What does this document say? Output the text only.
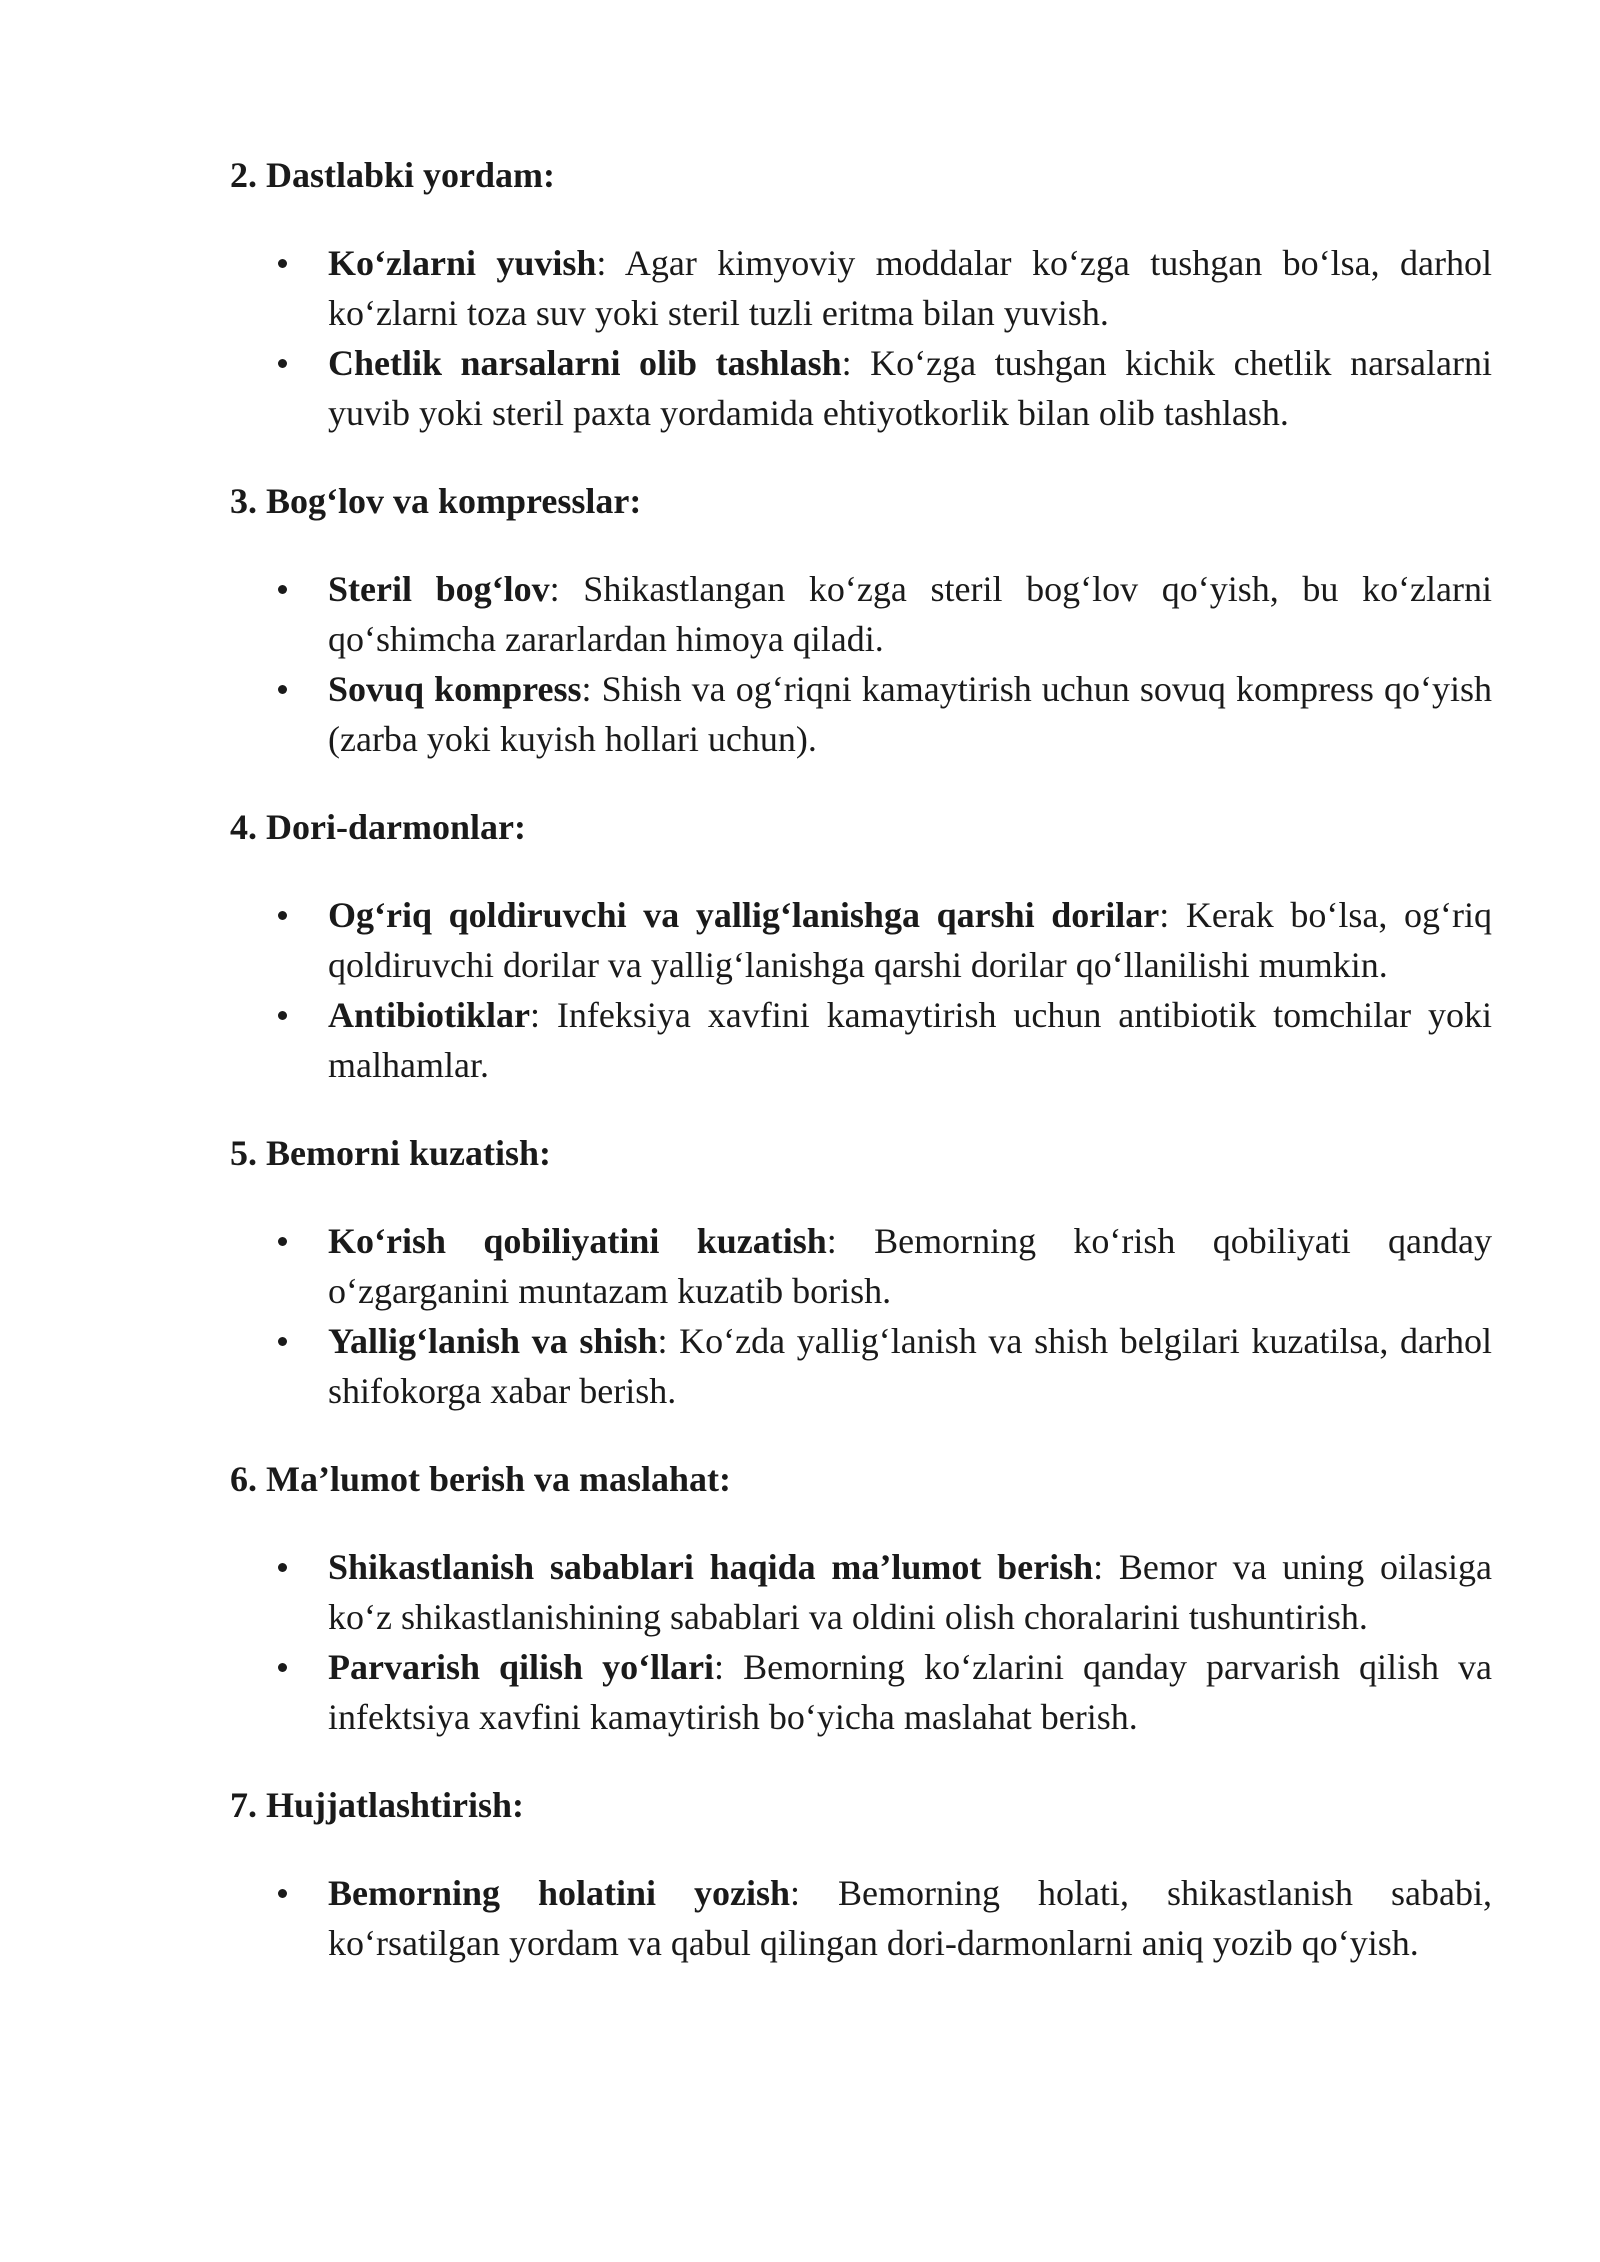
2. Dastlabki yordam:
Ko‘zlarni yuvish: Agar kimyoviy moddalar ko‘zga tushgan bo‘lsa, darhol ko‘zlarni toza suv yoki steril tuzli eritma bilan yuvish.
Chetlik narsalarni olib tashlash: Ko‘zga tushgan kichik chetlik narsalarni yuvib yoki steril paxta yordamida ehtiyotkorlik bilan olib tashlash.
3. Bog‘lov va kompresslar:
Steril bog‘lov: Shikastlangan ko‘zga steril bog‘lov qo‘yish, bu ko‘zlarni qo‘shimcha zararlardan himoya qiladi.
Sovuq kompress: Shish va og‘riqni kamaytirish uchun sovuq kompress qo‘yish (zarba yoki kuyish hollari uchun).
4. Dori-darmonlar:
Og‘riq qoldiruvchi va yallig‘lanishga qarshi dorilar: Kerak bo‘lsa, og‘riq qoldiruvchi dorilar va yallig‘lanishga qarshi dorilar qo‘llanilishi mumkin.
Antibiotiklar: Infeksiya xavfini kamaytirish uchun antibiotik tomchilar yoki malhamlar.
5. Bemorni kuzatish:
Ko‘rish qobiliyatini kuzatish: Bemorning ko‘rish qobiliyati qanday o‘zgarganini muntazam kuzatib borish.
Yallig‘lanish va shish: Ko‘zda yallig‘lanish va shish belgilari kuzatilsa, darhol shifokorga xabar berish.
6. Ma’lumot berish va maslahat:
Shikastlanish sabablari haqida ma’lumot berish: Bemor va uning oilasiga ko‘z shikastlanishining sabablari va oldini olish choralarini tushuntirish.
Parvarish qilish yo‘llari: Bemorning ko‘zlarini qanday parvarish qilish va infektsiya xavfini kamaytirish bo‘yicha maslahat berish.
7. Hujjatlashtirish:
Bemorning holatini yozish: Bemorning holati, shikastlanish sababi, ko‘rsatilgan yordam va qabul qilingan dori-darmonlarni aniq yozib qo‘yish.
